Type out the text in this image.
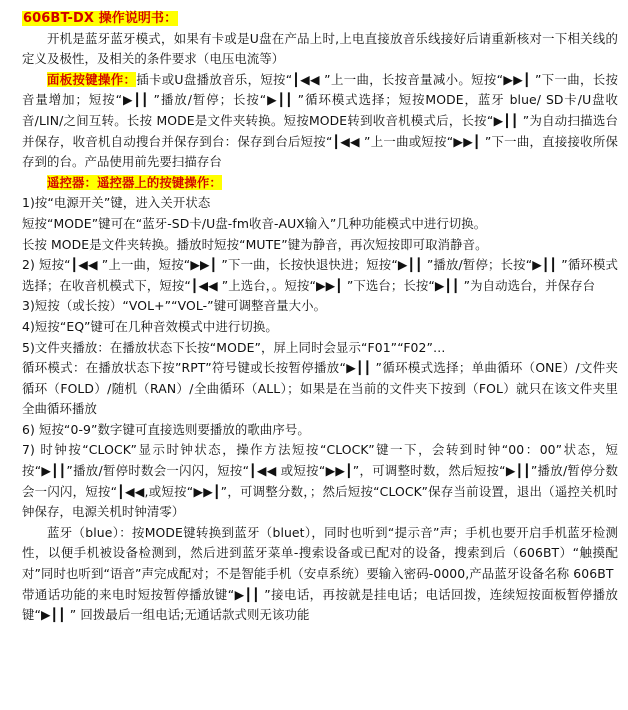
606BT-DX 操作说明书：

开机是蓝牙蓝牙模式，如果有卡或是U盘在产品上时,上电直接放音乐线接好后请重新核对一下相关线的定义及极性，及相关的条件要求（电压电流等）

面板按键操作：插卡或U盘播放音乐，短按“┃◀◀ ”上一曲，长按音量减小。短按“▶▶┃ ”下一曲，长按音量增加；短按“▶┃┃ ”播放/暂停；长按“▶┃┃ ”循环模式选择；短按MODE，蓝牙 blue/ SD卡/U盘收音/LIN/之间互转。长按 MODE是文件夹转换。短按MODE转到收音机模式后，长按“▶┃┃ ”为自动扫描选台并保存，收音机自动搜台并保存到台：保存到台后短按“┃◀◀ ”上一曲或短按“▶▶┃ ”下一曲，直接接收所保存到的台。产品使用前先要扫描存台

遥控器：遥控器上的按键操作：

1)按“电源开关”键，进入关开状态

短按“MODE”键可在“蓝牙-SD卡/U盘-fm收音-AUX输入”几种功能模式中进行切换。

长按 MODE是文件夹转换。播放时短按“MUTE”键为静音，再次短按即可取消静音。

2) 短按“┃◀◀ ”上一曲，短按“▶▶┃ ”下一曲，长按快退快进；短按“▶┃┃ ”播放/暂停；长按“▶┃┃ ”循环模式选择；在收音机模式下，短按“┃◀◀ ”上选台，。短按“▶▶┃ ”下选台；长按“▶┃┃ ”为自动选台，并保存台

3)短按（或长按）“VOL+”“VOL-”键可调整音量大小。

4)短按“EQ”键可在几种音效模式中进行切换。

5)文件夹播放：在播放状态下长按“MODE”，屏上同时会显示“F01”“F02”…

循环模式：在播放状态下按”RPT”符号键或长按暂停播放“▶┃┃ ”循环模式选择；单曲循环（ONE）/文件夹循环（FOLD）/随机（RAN）/全曲循环（ALL）；如果是在当前的文件夹下按到（FOL）就只在该文件夹里全曲循环播放

6) 短按“0-9”数字键可直接选则要播放的歌曲序号。

7) 时钟按“CLOCK”显示时钟状态，操作方法短按“CLOCK”键一下，会转到时钟“00：00”状态，短按“▶┃┃”播放/暂停时数会一闪闪，短按“┃◀◀ 或短按“▶▶┃”，可调整时数，然后短按“▶┃┃”播放/暂停分数会一闪闪，短按“┃◀◀,或短按“▶▶┃”，可调整分数，；然后短按“CLOCK”保存当前设置，退出（遥控关机时钟保存，电源关机时钟清零）

蓝牙（blue）：按MODE键转换到蓝牙（bluet），同时也听到“提示音”声；手机也要开启手机蓝牙检测性，以便手机被设备检测到，然后进到蓝牙菜单-搜索设备或已配对的设备，搜索到后（606BT）“触摸配对”同时也听到“语音”声完成配对；不是智能手机（安卓系统）要输入密码-0000,产品蓝牙设备名称 606BT

带通话功能的来电时短按暂停播放键“▶┃┃ ”接电话，再按就是挂电话；电话回拨，连续短按面板暂停播放键“▶┃┃ ” 回拨最后一组电话;无通话款式则无该功能
